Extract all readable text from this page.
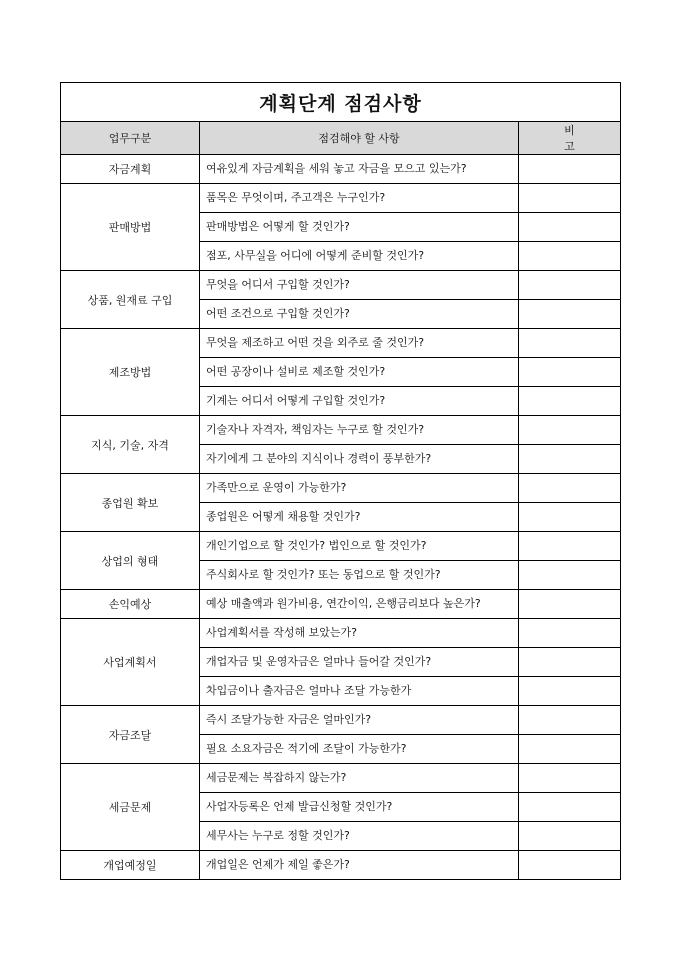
계획단계 점검사항		
업무구분	점검해야 할 사항	비 고
자금계획	여유있게 자금계획을 세워 놓고 자금을 모으고 있는가?	
판매방법	품목은 무엇이며, 주고객은 누구인가?	
	판매방법은 어떻게 할 것인가?	
	점포, 사무실을 어디에 어떻게 준비할 것인가?	
상품, 원재료 구입	무엇을 어디서 구입할 것인가?	
	어떤 조건으로 구입할 것인가?	
제조방법	무엇을 제조하고 어떤 것을 외주로 줄 것인가?	
	어떤 공장이나 설비로 제조할 것인가?	
	기계는 어디서 어떻게 구입할 것인가?	
지식, 기술, 자격	기술자나 자격자, 책임자는 누구로 할 것인가?	
	자기에게 그 분야의 지식이나 경력이 풍부한가?	
종업원 확보	가족만으로 운영이 가능한가?	
	종업원은 어떻게 채용할 것인가?	
상업의 형태	개인기업으로 할 것인가? 법인으로 할 것인가?	
	주식회사로 할 것인가? 또는 동업으로 할 것인가?	
손익예상	예상 매출액과 원가비용, 연간이익, 은행금리보다 높은가?	
사업계획서	사업계획서를 작성해 보았는가?	
	개업자금 및 운영자금은 얼마나 들어갈 것인가?	
	차입금이나 출자금은 얼마나 조달 가능한가	
자금조달	즉시 조달가능한 자금은 얼마인가?	
	필요 소요자금은 적기에 조달이 가능한가?	
세금문제	세금문제는 복잡하지 않는가?	
	사업자등록은 언제 발급신청할 것인가?	
	세무사는 누구로 정할 것인가?	
개업예정일	개업일은 언제가 제일 좋은가?	
